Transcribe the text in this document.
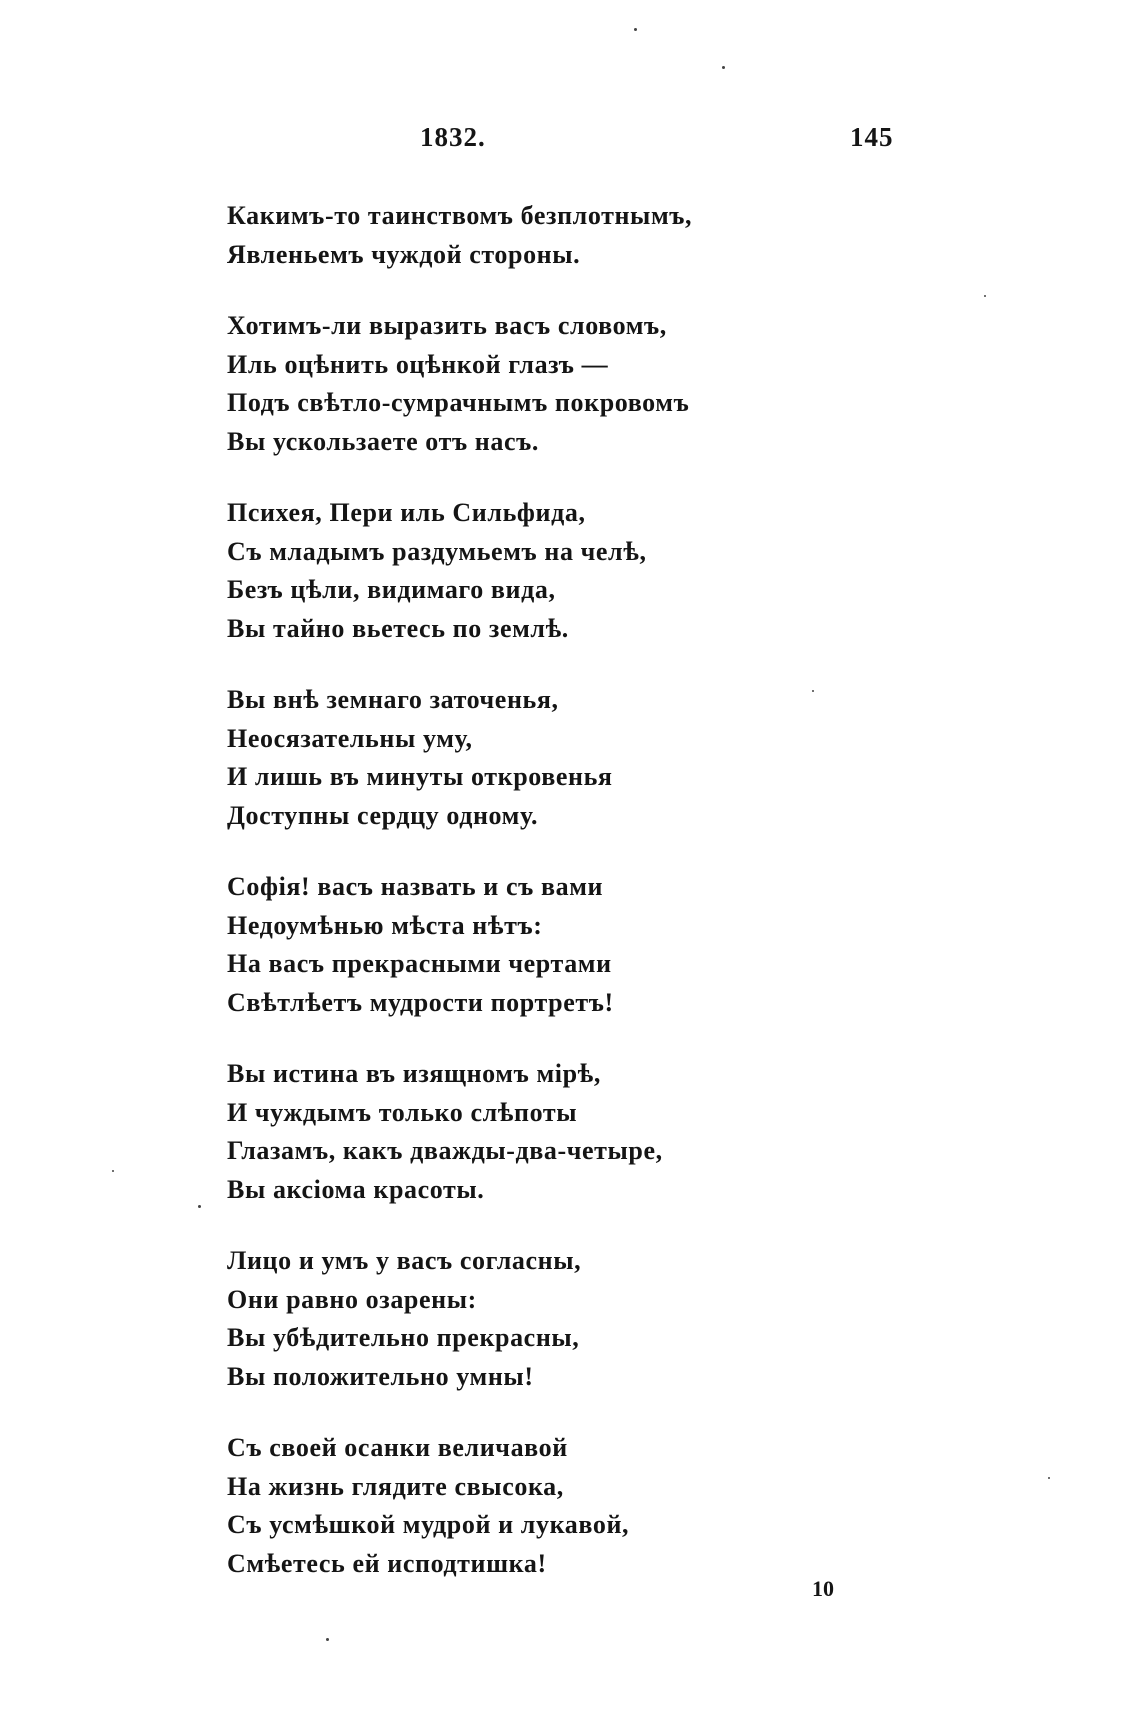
1832.	145
Какимъ-то таинствомъ безплотнымъ,
Явленьемъ чуждой стороны.
Хотимъ-ли выразить васъ словомъ,
Иль оцѣнить оцѣнкой глазъ —
Подъ свѣтло-сумрачнымъ покровомъ
Вы ускользаете отъ насъ.
Психея, Пери иль Сильфида,
Съ младымъ раздумьемъ на челѣ,
Безъ цѣли, видимаго вида,
Вы тайно вьетесь по землѣ.
Вы внѣ земнаго заточенья,
Неосязательны уму,
И лишь въ минуты откровенья
Доступны сердцу одному.
Софія! васъ назвать и съ вами
Недоумѣнью мѣста нѣтъ:
На васъ прекрасными чертами
Свѣтлѣетъ мудрости портретъ!
Вы истина въ изящномъ мірѣ,
И чуждымъ только слѣпоты
Глазамъ, какъ дважды-два-четыре,
Вы аксіома красоты.
Лицо и умъ у васъ согласны,
Они равно озарены:
Вы убѣдительно прекрасны,
Вы положительно умны!
Съ своей осанки величавой
На жизнь глядите свысока,
Съ усмѣшкой мудрой и лукавой,
Смѣетесь ей исподтишка!
10
